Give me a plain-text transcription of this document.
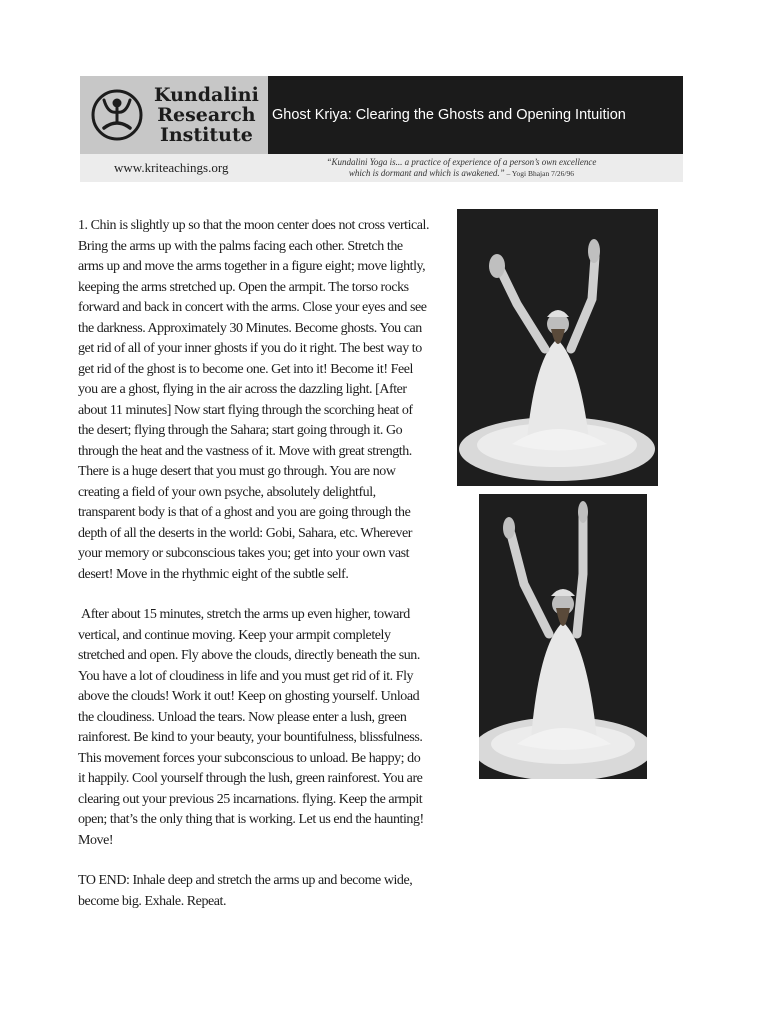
Kundalini
Research
Institute
Ghost Kriya: Clearing the Ghosts and Opening Intuition
www.kriteachings.org	“Kundalini Yoga is... a practice of experience of a person’s own excellence
which is dormant and which is awakened.” – Yogi Bhajan 7/26/96

1. Chin is slightly up so that the moon center does not cross vertical. Bring the arms up with the palms facing each other. Stretch the arms up and move the arms together in a figure eight; move lightly, keeping the arms stretched up. Open the armpit. The torso rocks forward and back in concert with the arms. Close your eyes and see the darkness. Approximately 30 Minutes. Become ghosts. You can get rid of all of your inner ghosts if you do it right. The best way to get rid of the ghost is to become one. Get into it! Become it! Feel you are a ghost, flying in the air across the dazzling light. [After about 11 minutes] Now start flying through the scorching heat of the desert; flying through the Sahara; start going through it. Go through the heat and the vastness of it. Move with great strength. There is a huge desert that you must go through. You are now creating a field of your own psyche, absolutely delightful, transparent body is that of a ghost and you are going through the depth of all the deserts in the world: Gobi, Sahara, etc. Wherever your memory or subconscious takes you; get into your own vast desert! Move in the rhythmic eight of the subtle self.

After about 15 minutes, stretch the arms up even higher, toward vertical, and continue moving. Keep your armpit completely stretched and open. Fly above the clouds, directly beneath the sun. You have a lot of cloudiness in life and you must get rid of it. Fly above the clouds! Work it out! Keep on ghosting yourself. Unload the cloudiness. Unload the tears. Now please enter a lush, green rainforest. Be kind to your beauty, your bountifulness, blissfulness. This movement forces your subconscious to unload. Be happy; do it happily. Cool yourself through the lush, green rainforest. You are clearing out your previous 25 incarnations. flying. Keep the armpit open; that’s the only thing that is working. Let us end the haunting! Move!

TO END: Inhale deep and stretch the arms up and become wide, become big. Exhale. Repeat.
